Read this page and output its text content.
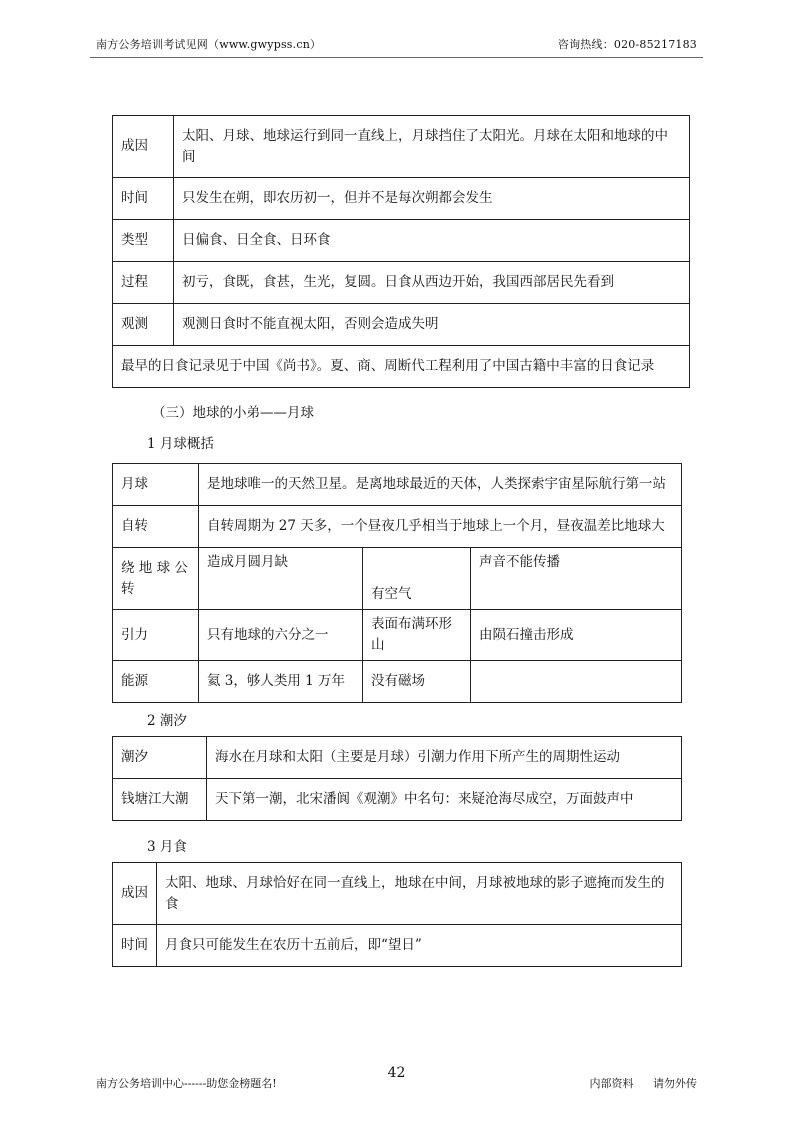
南方公务培训考试见网（www.gwypss.cn）	咨询热线：020-85217183
成因	太阳、月球、地球运行到同一直线上，月球挡住了太阳光。月球在太阳和地球的中间
时间	只发生在朔，即农历初一，但并不是每次朔都会发生
类型	日偏食、日全食、日环食
过程	初亏，食既，食甚，生光，复圆。日食从西边开始，我国西部居民先看到
观测	观测日食时不能直视太阳，否则会造成失明
最早的日食记录见于中国《尚书》。夏、商、周断代工程利用了中国古籍中丰富的日食记录	
（三）地球的小弟——月球
1 月球概括
月球	是地球唯一的天然卫星。是离地球最近的天体，人类探索宇宙星际航行第一站		
自转	自转周期为 27 天多，一个昼夜几乎相当于地球上一个月，昼夜温差比地球大		
绕 地 球 公 转	造成月圆月缺	有空气	声音不能传播
引力	只有地球的六分之一	表面布满环形山	由陨石撞击形成
能源	氦 3，够人类用 1 万年	没有磁场	
2 潮汐
潮汐	海水在月球和太阳（主要是月球）引潮力作用下所产生的周期性运动
钱塘江大潮	天下第一潮，北宋潘阆《观潮》中名句：来疑沧海尽成空，万面鼓声中
3 月食
成因	太阳、地球、月球恰好在同一直线上，地球在中间，月球被地球的影子遮掩而发生的食
时间	月食只可能发生在农历十五前后，即“望日”
南方公务培训中心------助您金榜题名!
42
内部资料 请勿外传
